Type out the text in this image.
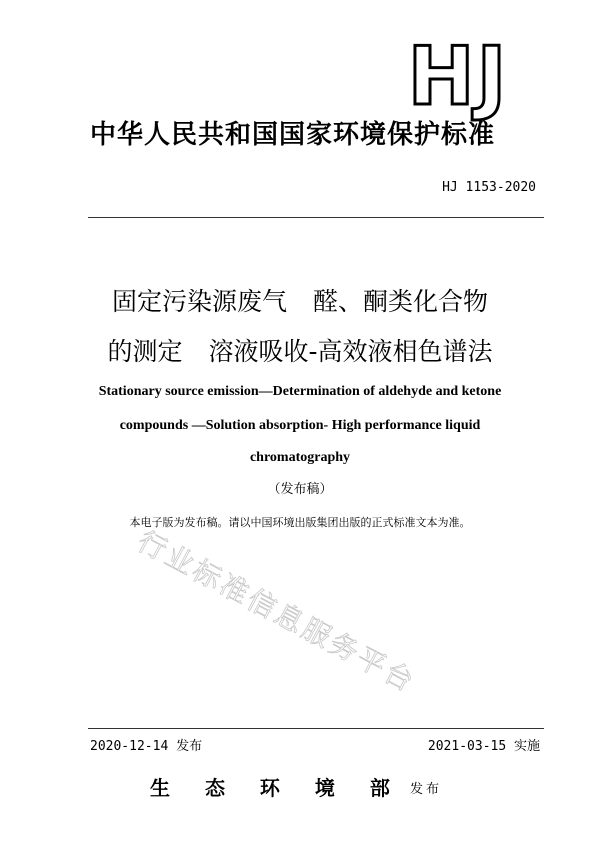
HJ
中华人民共和国国家环境保护标准
HJ 1153-2020
固定污染源废气 醛、酮类化合物
的测定 溶液吸收-高效液相色谱法
Stationary source emission—Determination of aldehyde and ketone
compounds —Solution absorption- High performance liquid
chromatography
（发布稿）
本电子版为发布稿。请以中国环境出版集团出版的正式标准文本为准。
行业标准信息服务平台
2020-12-14 发布	2021-03-15 实施
生 态 环 境 部 发布
